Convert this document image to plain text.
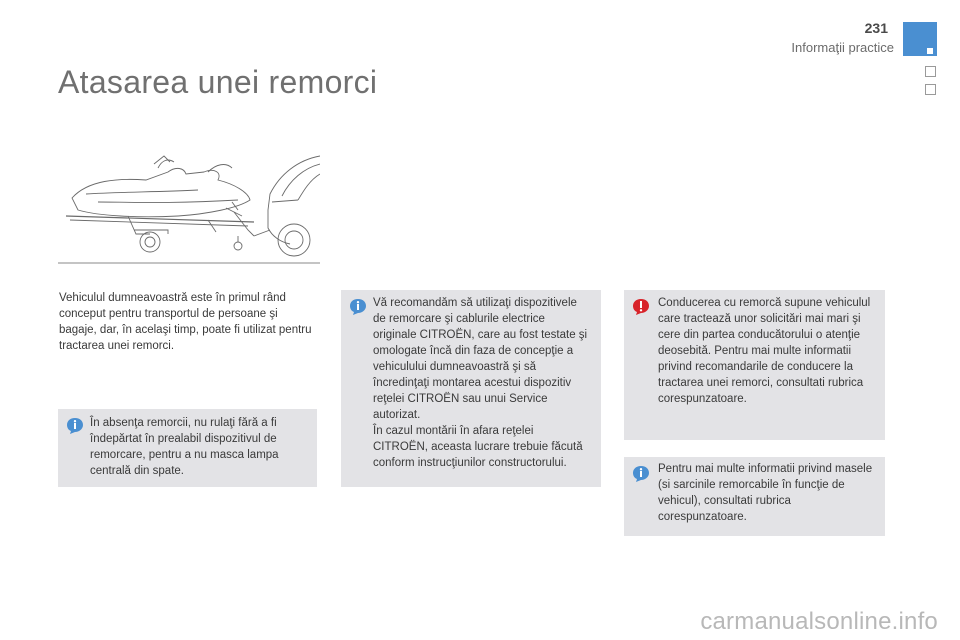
231
Informaţii practice
Atasarea unei remorci

Vehiculul dumneavoastră este în primul rând conceput pentru transportul de persoane şi bagaje, dar, în acelaşi timp, poate fi utilizat pentru tractarea unei remorci.

În absenţa remorcii, nu rulaţi fără a fi îndepărtat în prealabil dispozitivul de remorcare, pentru a nu masca lampa centrală din spate.

Vă recomandăm să utilizaţi dispozitivele de remorcare şi cablurile electrice originale CITROËN, care au fost testate şi omologate încă din faza de concepţie a vehiculului dumneavoastră şi să încredinţaţi montarea acestui dispozitiv reţelei CITROËN sau unui Service autorizat.

În cazul montării în afara reţelei CITROËN, aceasta lucrare trebuie făcută conform instrucţiunilor constructorului.

Conducerea cu remorcă supune vehiculul care tractează unor solicitări mai mari şi cere din partea conducătorului o atenţie deosebită. Pentru mai multe informatii privind recomandarile de conducere la tractarea unei remorci, consultati rubrica corespunzatoare.

Pentru mai multe informatii privind masele (si sarcinile remorcabile în funcţie de vehicul), consultati rubrica corespunzatoare.

carmanualsonline.info
